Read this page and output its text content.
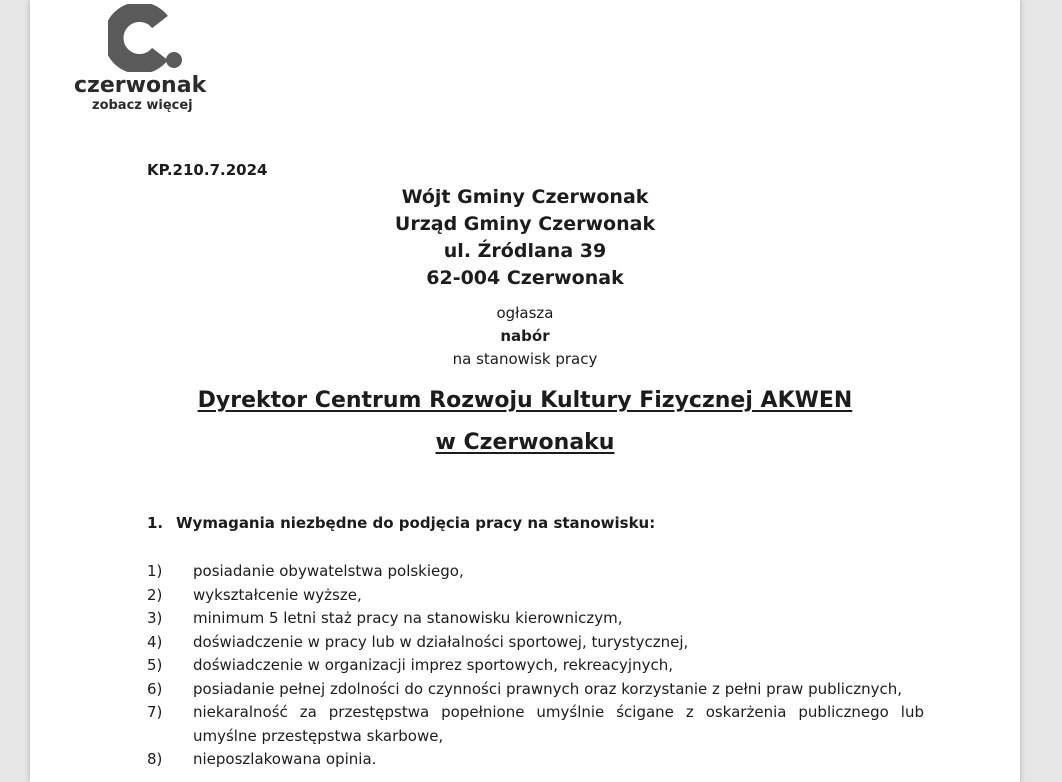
czerwonak
zobacz więcej
KP.210.7.2024
Wójt Gminy Czerwonak
Urząd Gminy Czerwonak
ul. Źródlana 39
62-004 Czerwonak
ogłasza
nabór
na stanowisk pracy
Dyrektor Centrum Rozwoju Kultury Fizycznej AKWEN
w Czerwonaku
1. Wymagania niezbędne do podjęcia pracy na stanowisku:
1) posiadanie obywatelstwa polskiego,
2) wykształcenie wyższe,
3) minimum 5 letni staż pracy na stanowisku kierowniczym,
4) doświadczenie w pracy lub w działalności sportowej, turystycznej,
5) doświadczenie w organizacji imprez sportowych, rekreacyjnych,
6) posiadanie pełnej zdolności do czynności prawnych oraz korzystanie z pełni praw publicznych,
7) niekaralność za przestępstwa popełnione umyślnie ścigane z oskarżenia publicznego lub umyślne przestępstwa skarbowe,
8) nieposzlakowana opinia.
